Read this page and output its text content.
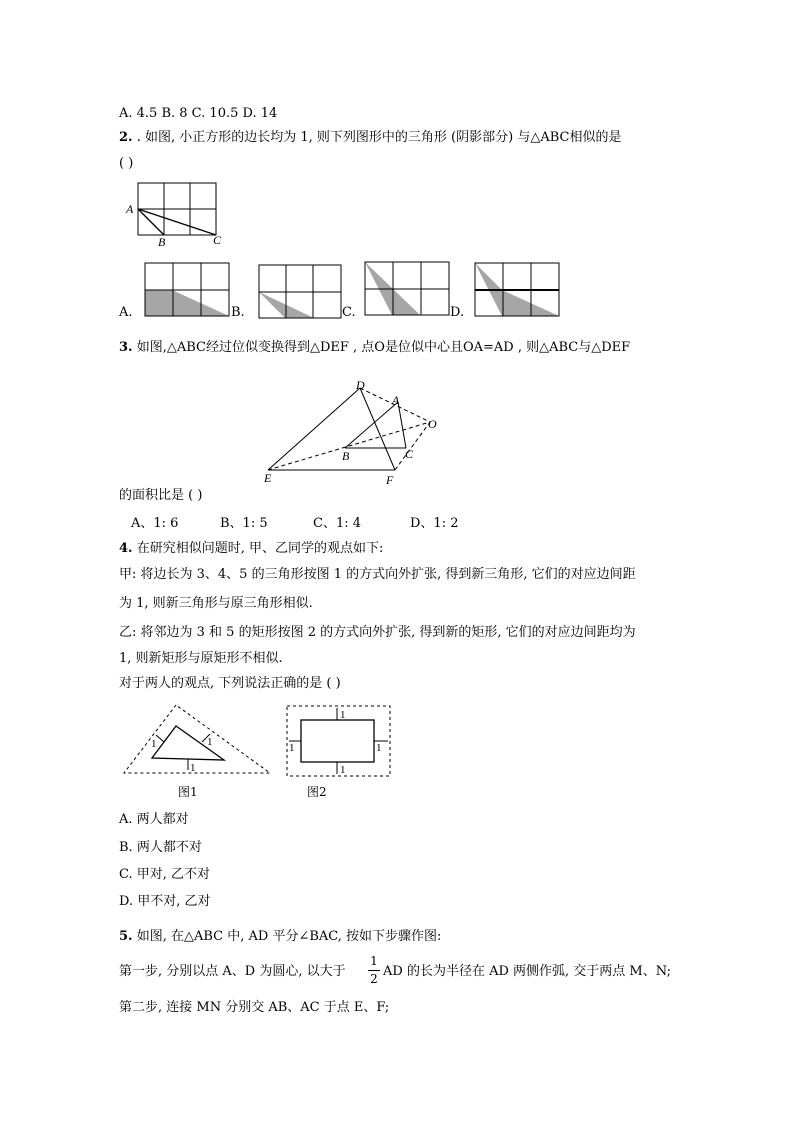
A. 4.5 B. 8 C. 10.5 D. 14
2. . 如图, 小正方形的边长均为 1, 则下列图形中的三角形 (阴影部分) 与△ABC相似的是
( )
A
B	C
A.	B.	C.	D.
3. 如图,△ABC经过位似变换得到△DEF , 点O是位似中心且OA=AD , 则△ABC与△DEF
D
A
O
B	C
E	F
的面积比是 ( )
A、1: 6	B、1: 5	C、1: 4	D、1: 2
4. 在研究相似问题时, 甲、乙同学的观点如下:
甲: 将边长为 3、4、5 的三角形按图 1 的方式向外扩张, 得到新三角形, 它们的对应边间距
为 1, 则新三角形与原三角形相似.
乙: 将邻边为 3 和 5 的矩形按图 2 的方式向外扩张, 得到新的矩形, 它们的对应边间距均为
1, 则新矩形与原矩形不相似.
对于两人的观点, 下列说法正确的是 ( )
1	1
1
图1
1
1
1	1
图2
A. 两人都对
B. 两人都不对
C. 甲对, 乙不对
D. 甲不对, 乙对
5. 如图, 在△ABC 中, AD 平分∠BAC, 按如下步骤作图:
第一步, 分别以点 A、D 为圆心, 以大于
1
2 AD 的长为半径在 AD 两侧作弧, 交于两点 M、N;
第二步, 连接 MN 分别交 AB、AC 于点 E、F;
